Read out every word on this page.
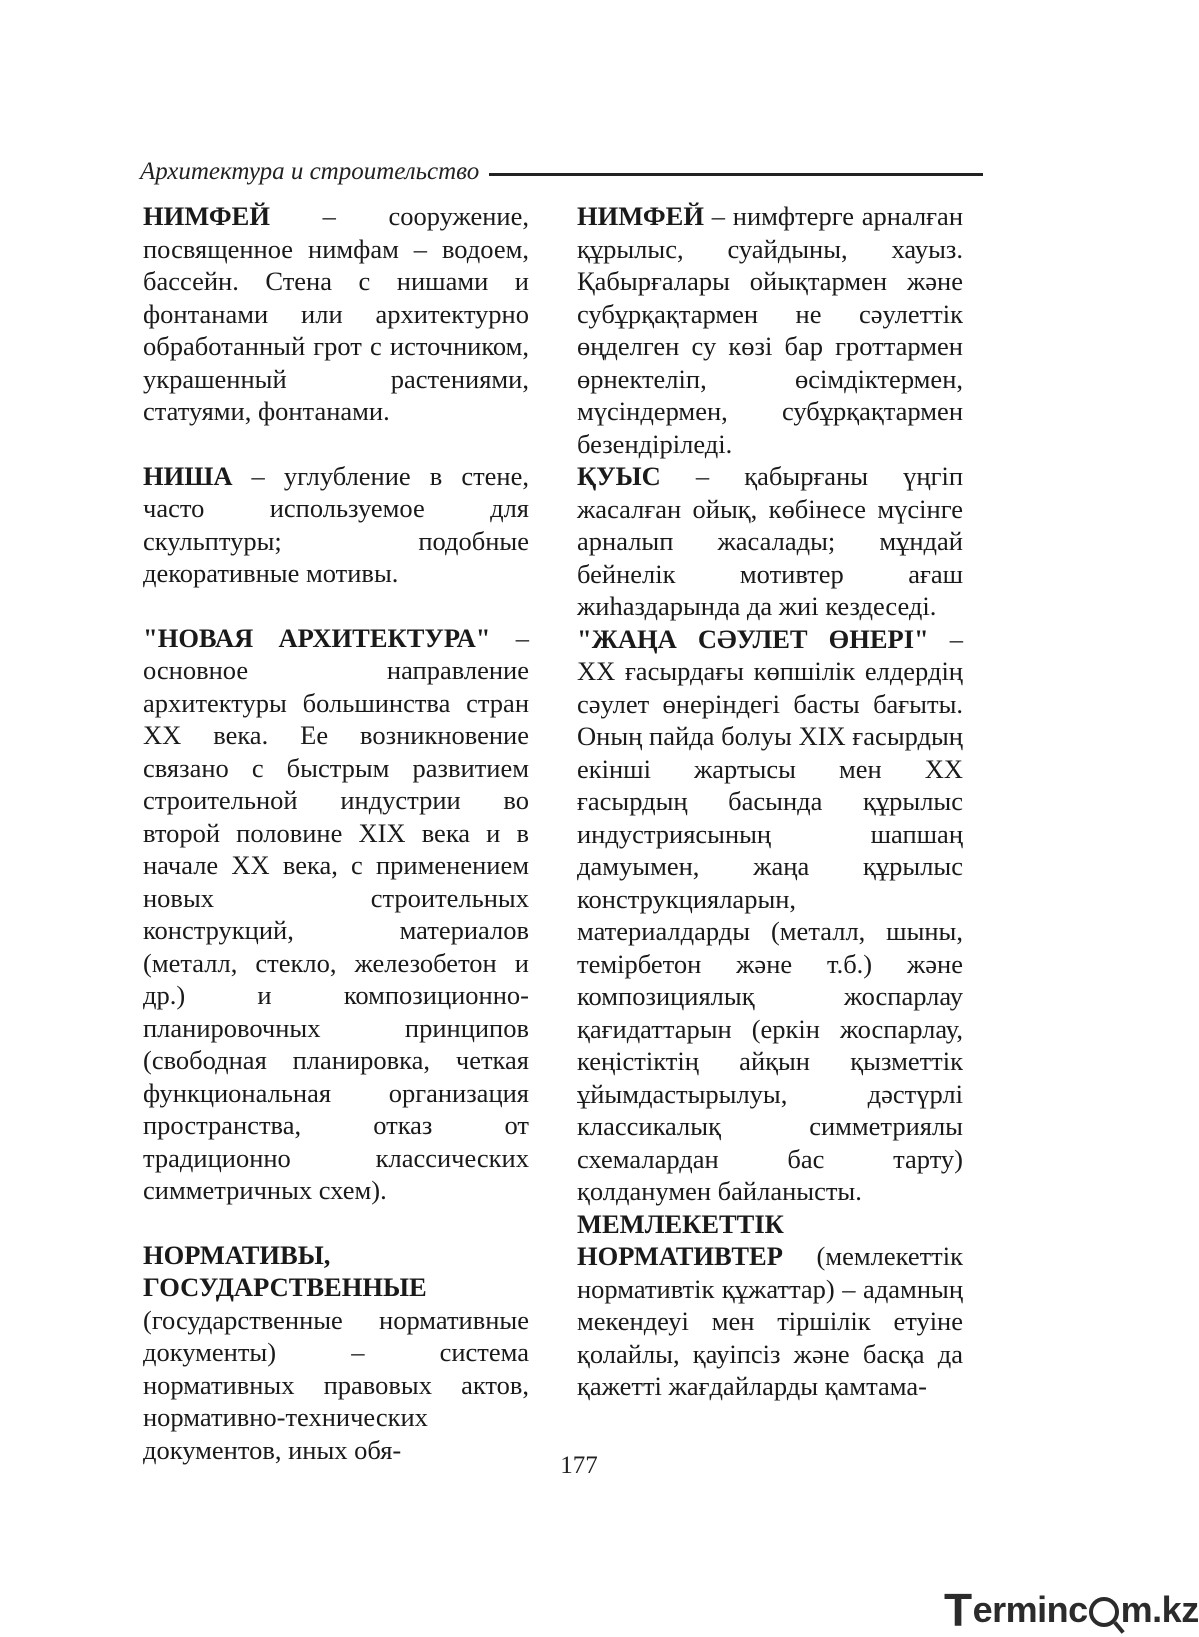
Архитектура и строительство

НИМФЕЙ – сооружение, посвященное нимфам – водоем, бассейн. Стена с нишами и фонтанами или архитектурно обработанный грот с источником, украшенный растениями, статуями, фонтанами.

НИША – углубление в стене, часто используемое для скульптуры; подобные декоративные мотивы.

"НОВАЯ АРХИТЕКТУРА" – основное направление архитектуры большинства стран XX века. Ее возникновение связано с быстрым развитием строительной индустрии во второй половине XIX века и в начале XX века, с применением новых строительных конструкций, материалов (металл, стекло, железобетон и др.) и композиционно-планировочных принципов (свободная планировка, четкая функциональная организация пространства, отказ от традиционно классических симметричных схем).

НОРМАТИВЫ, ГОСУДАРСТВЕННЫЕ (государственные нормативные документы) – система нормативных правовых актов, нормативно-технических документов, иных обя-

НИМФЕЙ – нимфтерге арналған құрылыс, суайдыны, хауыз. Қабырғалары ойықтармен және субұрқақтармен не сәулеттік өңделген су көзі бар гроттармен өрнектеліп, өсімдіктермен, мүсіндермен, субұрқақтармен безендіріледі.

ҚУЫС – қабырғаны үңгіп жасалған ойық, көбінесе мүсінге арналып жасалады; мұндай бейнелік мотивтер ағаш жиһаздарында да жиі кездеседі.

"ЖАҢА СӘУЛЕТ ӨНЕРІ" – XX ғасырдағы көпшілік елдердің сәулет өнеріндегі басты бағыты. Оның пайда болуы XIX ғасырдың екінші жартысы мен XX ғасырдың басында құрылыс индустриясының шапшаң дамуымен, жаңа құрылыс конструкцияларын, материалдарды (металл, шыны, темірбетон және т.б.) және композициялық жоспарлау қағидаттарын (еркін жоспарлау, кеңістіктің айқын қызметтік ұйымдастырылуы, дәстүрлі классикалық симметриялы схемалардан бас тарту) қолданумен байланысты.

МЕМЛЕКЕТТІК НОРМАТИВТЕР (мемлекеттік нормативтік құжаттар) – адамның мекендеуі мен тіршілік етуіне қолайлы, қауіпсіз және басқа да қажетті жағдайларды қамтама-

177
T erminc m.kz
